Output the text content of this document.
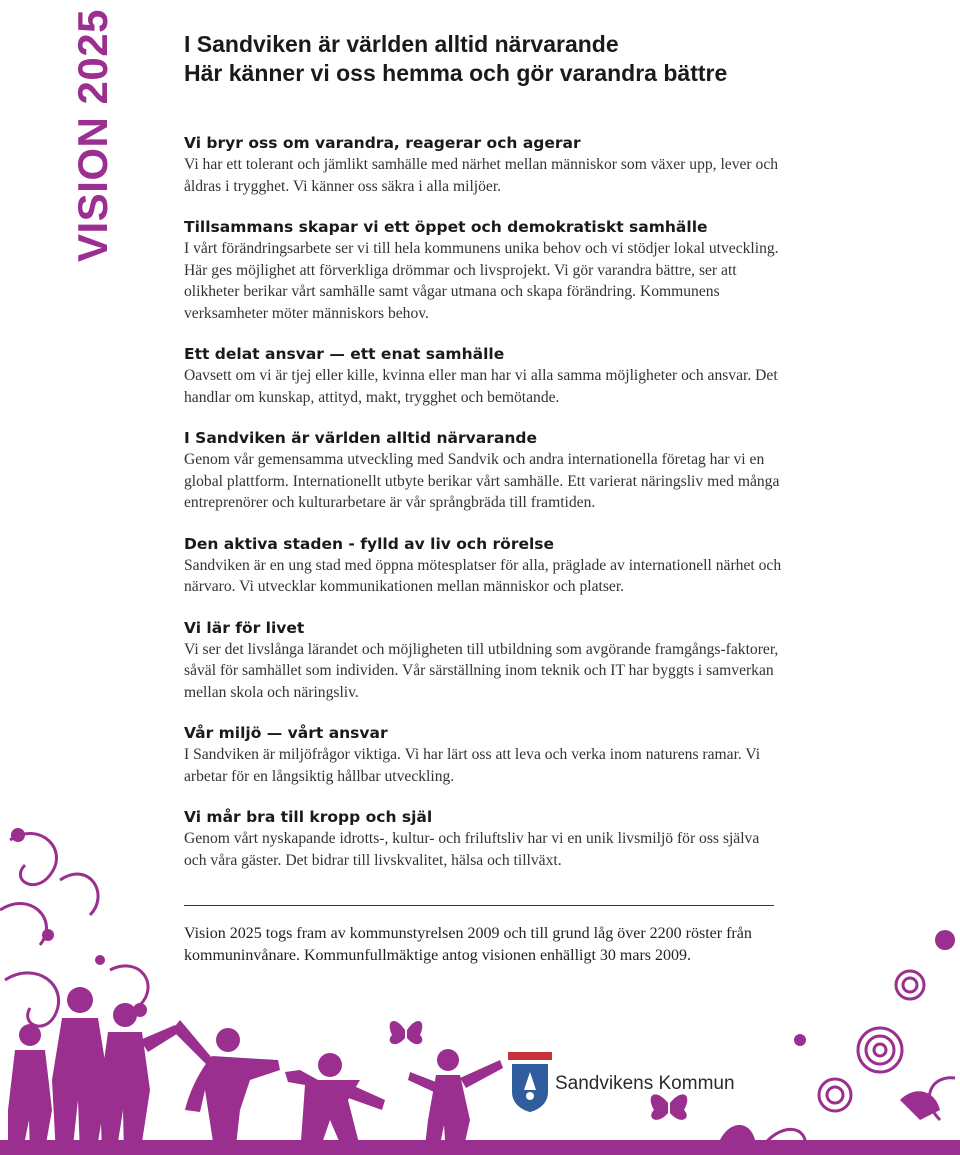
VISION 2025	I Sandviken är världen alltid närvarande
Här känner vi oss hemma och gör varandra bättre
Vi bryr oss om varandra, reagerar och agerar

Vi har ett tolerant och jämlikt samhälle med närhet mellan människor som växer upp, lever och åldras i trygghet. Vi känner oss säkra i alla miljöer.

Tillsammans skapar vi ett öppet och demokratiskt samhälle

I vårt förändringsarbete ser vi till hela kommunens unika behov och vi stödjer lokal utveckling. Här ges möjlighet att förverkliga drömmar och livsprojekt. Vi gör varandra bättre, ser att olikheter berikar vårt samhälle samt vågar utmana och skapa förändring. Kommunens verksamheter möter människors behov.

Ett delat ansvar — ett enat samhälle

Oavsett om vi är tjej eller kille, kvinna eller man har vi alla samma möjligheter och ansvar. Det handlar om kunskap, attityd, makt, trygghet och bemötande.

I Sandviken är världen alltid närvarande

Genom vår gemensamma utveckling med Sandvik och andra internationella företag har vi en global plattform. Internationellt utbyte berikar vårt samhälle. Ett varierat näringsliv med många entreprenörer och kulturarbetare är vår språngbräda till framtiden.

Den aktiva staden - fylld av liv och rörelse

Sandviken är en ung stad med öppna mötesplatser för alla, präglade av internationell närhet och närvaro. Vi utvecklar kommunikationen mellan människor och platser.

Vi lär för livet

Vi ser det livslånga lärandet och möjligheten till utbildning som avgörande framgångs-faktorer, såväl för samhället som individen. Vår särställning inom teknik och IT har byggts i samverkan mellan skola och näringsliv.

Vår miljö — vårt ansvar

I Sandviken är miljöfrågor viktiga. Vi har lärt oss att leva och verka inom naturens ramar. Vi arbetar för en långsiktig hållbar utveckling.

Vi mår bra till kropp och själ

Genom vårt nyskapande idrotts-, kultur- och friluftsliv har vi en unik livsmiljö för oss själva och våra gäster. Det bidrar till livskvalitet, hälsa och tillväxt.

Vision 2025 togs fram av kommunstyrelsen 2009 och till grund låg över 2200 röster från kommuninvånare. Kommunfullmäktige antog visionen enhälligt 30 mars 2009.

Sandvikens Kommun
